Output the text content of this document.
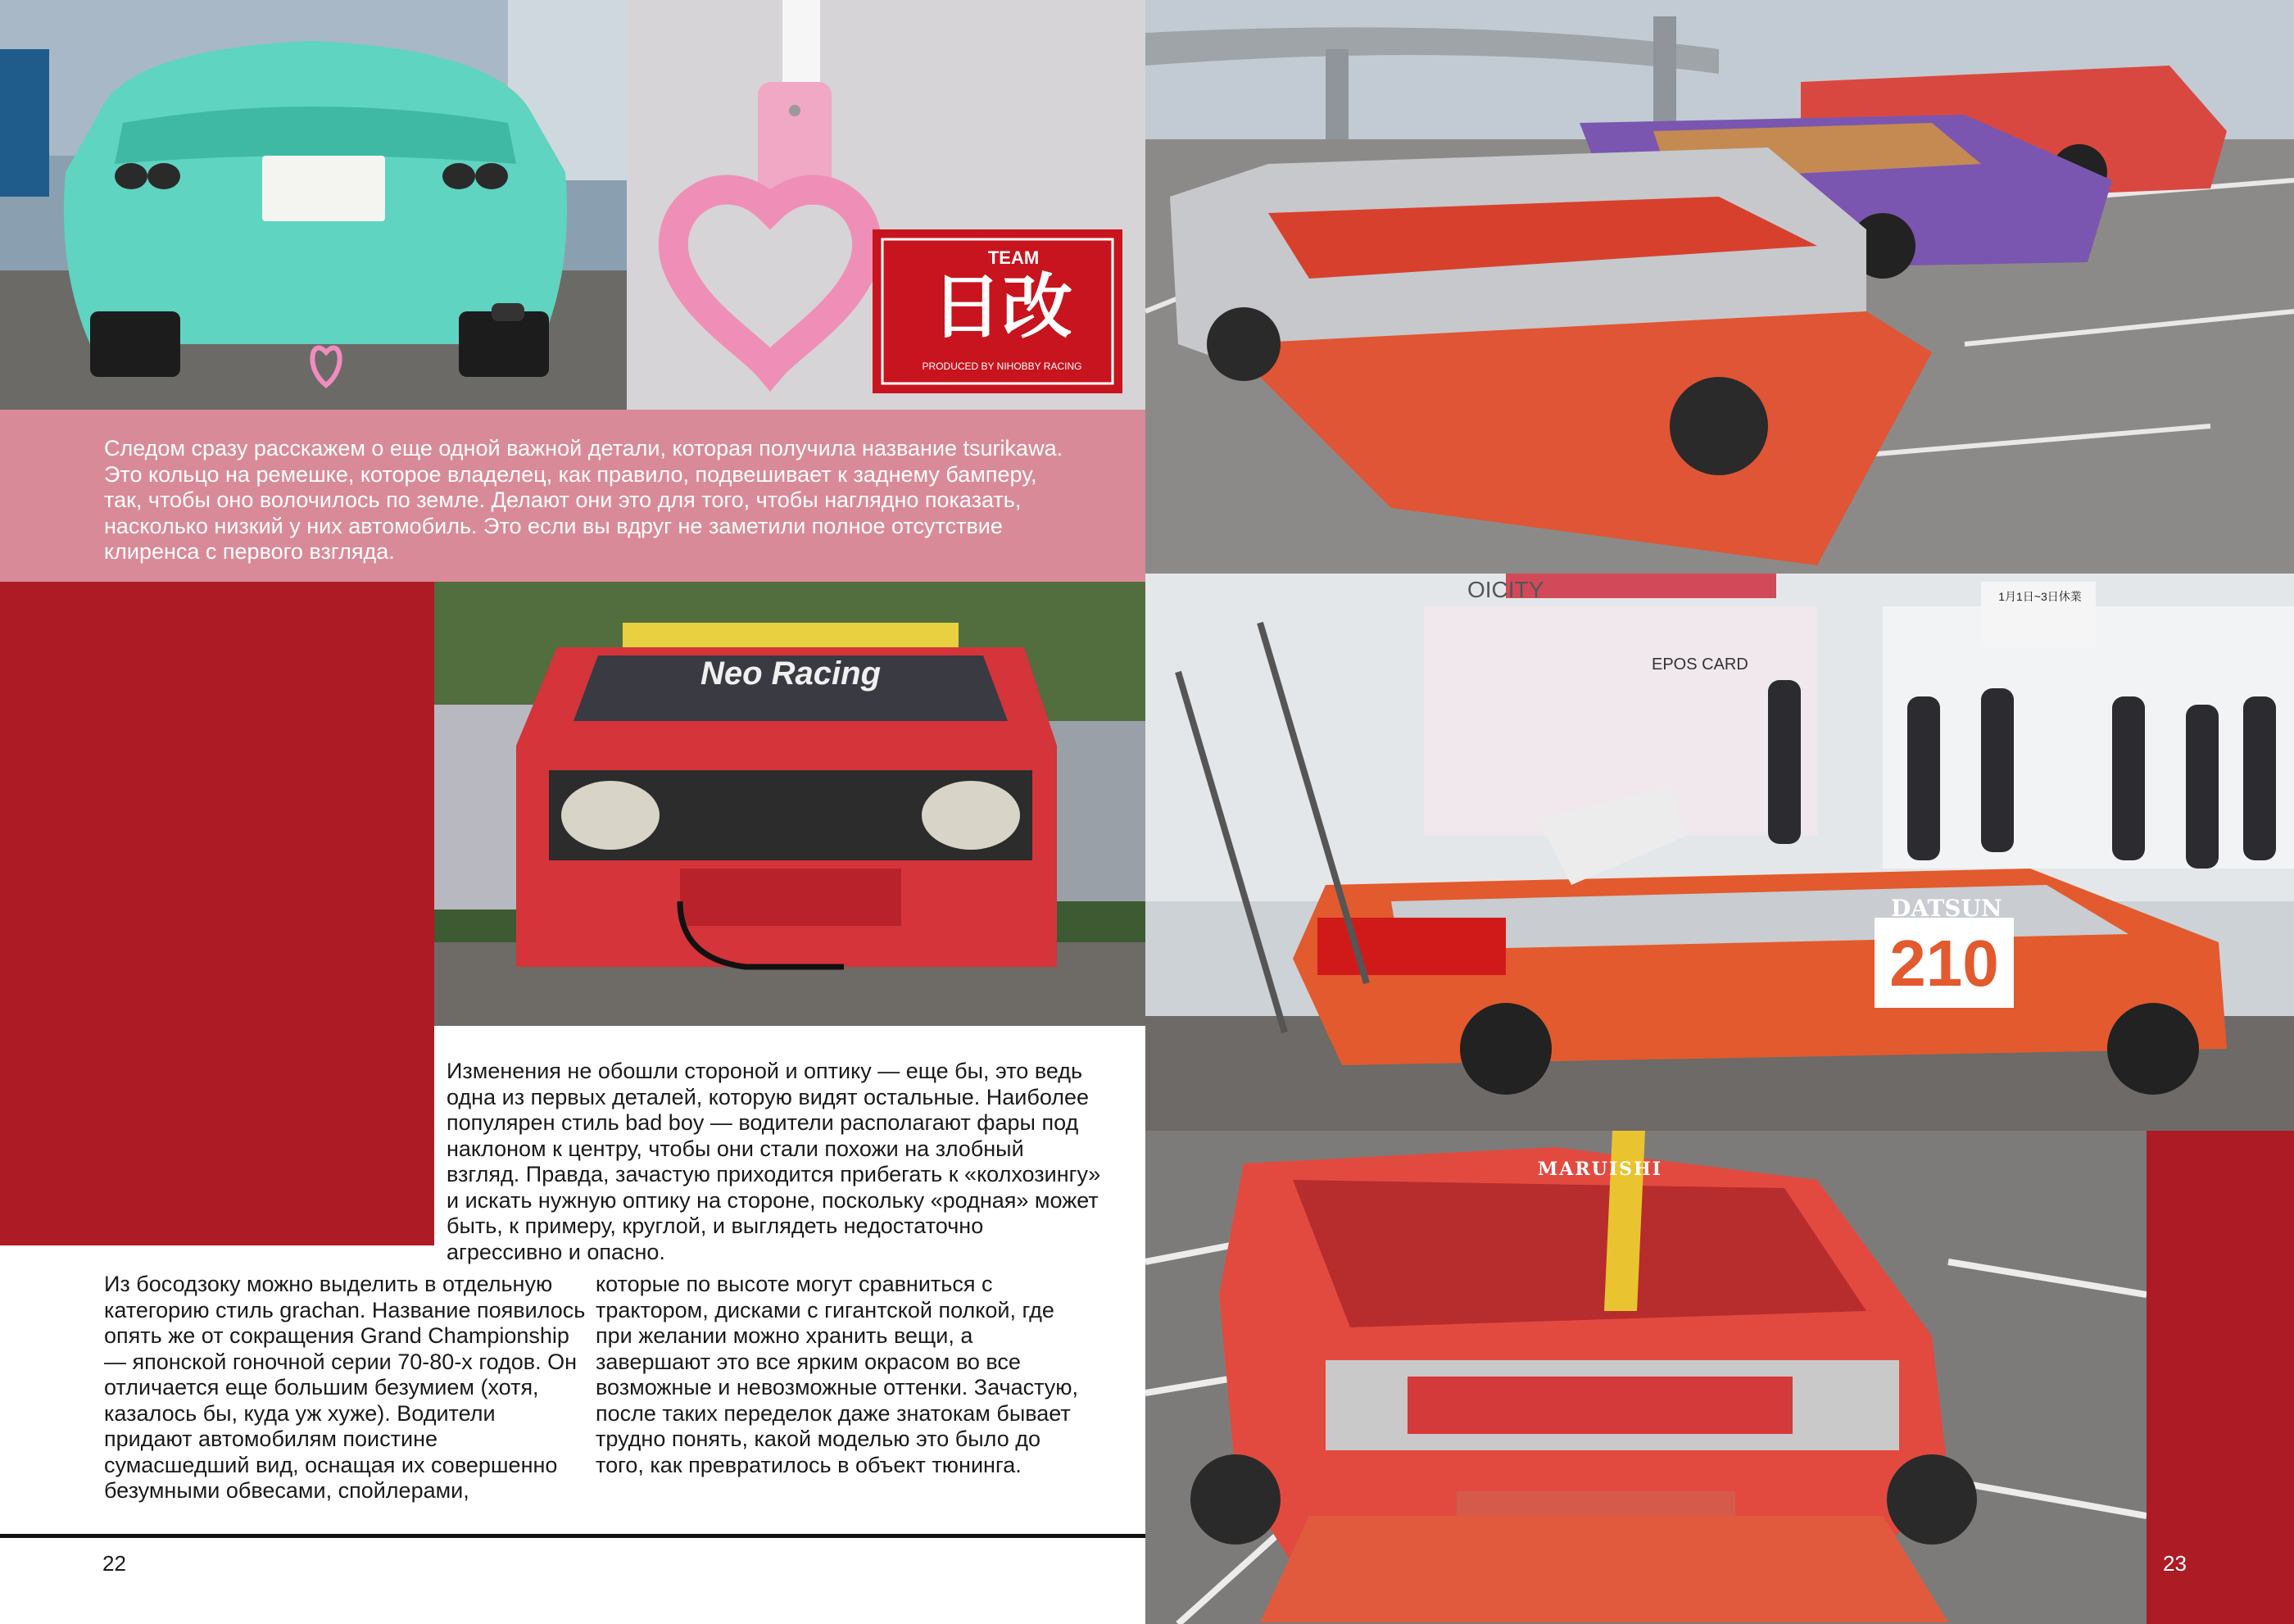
TEAM
日改
PRODUCED BY NIHOBBY RACING
Neo Racing
OICITY
EPOS CARD
1月1日~3日休業
DATSUN
210
MARUISHI

Следом сразу расскажем о еще одной важной детали, которая получила название tsurikawa. Это кольцо на ремешке, которое владелец, как правило, подвешивает к заднему бамперу, так, чтобы оно волочилось по земле. Делают они это для того, чтобы наглядно показать, насколько низкий у них автомобиль. Это если вы вдруг не заметили полное отсутствие клиренса с первого взгляда.

Изменения не обошли стороной и оптику — еще бы, это ведь одна из первых деталей, которую видят остальные. Наиболее популярен стиль bad boy — водители располагают фары под наклоном к центру, чтобы они стали похожи на злобный взгляд. Правда, зачастую приходится прибегать к «колхозингу» и искать нужную оптику на стороне, поскольку «родная» может быть, к примеру, круглой, и выглядеть недостаточно агрессивно и опасно.

Из босодзоку можно выделить в отдельную категорию стиль grachan. Название появилось опять же от сокращения Grand Championship — японской гоночной серии 70-80-х годов. Он отличается еще большим безумием (хотя, казалось бы, куда уж хуже). Водители придают автомобилям поистине сумасшедший вид, оснащая их совершенно безумными обвесами, спойлерами,

которые по высоте могут сравниться с трактором, дисками с гигантской полкой, где при желании можно хранить вещи, а завершают это все ярким окрасом во все возможные и невозможные оттенки. Зачастую, после таких переделок даже знатокам бывает трудно понять, какой моделью это было до того, как превратилось в объект тюнинга.

22	23
